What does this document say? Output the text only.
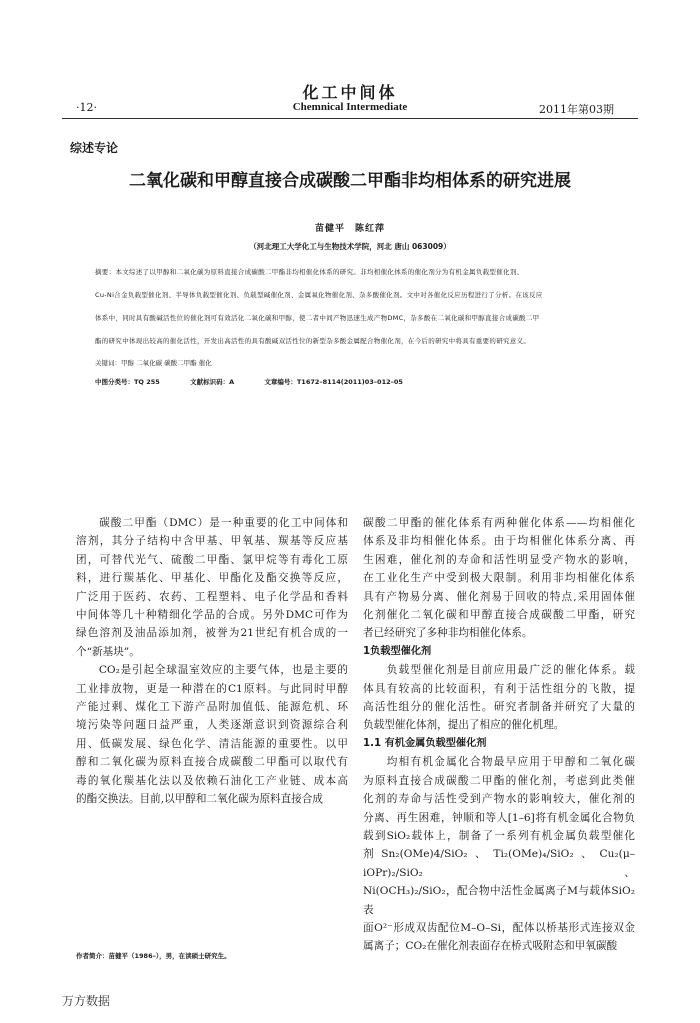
化工中间体
·12·	Chemnical Intermediate	2011年第03期
综述专论
二氧化碳和甲醇直接合成碳酸二甲酯非均相体系的研究进展
苗健平　陈红萍
（河北理工大学化工与生物技术学院，河北 唐山 063009）
摘要：本文综述了以甲醇和二氧化碳为原料直接合成碳酸二甲酯非均相催化体系的研究。非均相催化体系的催化剂分为有机金属负载型催化剂、
Cu-Ni合金负载型催化剂、半导体负载型催化剂、负载型碱催化剂、金属氧化物催化剂、杂多酸催化剂。文中对各催化反应历程进行了分析。在该反应
体系中，同时具有酸碱活性位的催化剂可有效活化二氧化碳和甲醇，使二者中间产物迅速生成产物DMC，杂多酸在二氧化碳和甲醇直接合成碳酸二甲
酯的研究中体现出较高的催化活性，开发出高活性的具有酸碱双活性位的新型杂多酸金属配合物催化剂，在今后的研究中将具有重要的研究意义。
关键词：甲醇 二氧化碳 碳酸二甲酯 催化
中图分类号：TQ 255	文献标识码：A	文章编号：T1672–8114(2011)03–012–05

　　碳酸二甲酯（DMC）是一种重要的化工中间体和

溶剂，其分子结构中含甲基、甲氧基、羰基等反应基

团，可替代光气、硫酸二甲酯、氯甲烷等有毒化工原

料，进行羰基化、甲基化、甲酯化及酯交换等反应，

广泛用于医药、农药、工程塑料、电子化学品和香料

中间体等几十种精细化学品的合成。另外DMC可作为

绿色溶剂及油品添加剂，被誉为21世纪有机合成的一

个“新基块”。

　　CO₂是引起全球温室效应的主要气体，也是主要的

工业排放物，更是一种潜在的C1原料。与此同时甲醇

产能过剩、煤化工下游产品附加值低、能源危机、环

境污染等问题日益严重，人类逐渐意识到资源综合利

用、低碳发展、绿色化学、清洁能源的重要性。以甲

醇和二氧化碳为原料直接合成碳酸二甲酯可以取代有

毒的氧化羰基化法以及依赖石油化工产业链、成本高

的酯交换法。目前,以甲醇和二氧化碳为原料直接合成

碳酸二甲酯的催化体系有两种催化体系——均相催化

体系及非均相催化体系。由于均相催化体系分离、再

生困难，催化剂的寿命和活性明显受产物水的影响，

在工业化生产中受到极大限制。利用非均相催化体系

具有产物易分离、催化剂易于回收的特点,采用固体催

化剂催化二氧化碳和甲醇直接合成碳酸二甲酯，研究

者已经研究了多种非均相催化体系。

1负载型催化剂

　　负载型催化剂是目前应用最广泛的催化体系。载

体具有较高的比较面积，有利于活性组分的飞散，提

高活性组分的催化活性。研究者制备并研究了大量的

负载型催化体剂，提出了相应的催化机理。

1.1 有机金属负载型催化剂

　　均相有机金属化合物最早应用于甲醇和二氧化碳

为原料直接合成碳酸二甲酯的催化剂，考虑到此类催

化剂的寿命与活性受到产物水的影响较大，催化剂的

分离、再生困难，钟顺和等人[1–6]将有机金属化合物负

载到SiO₂载体上，制备了一系列有机金属负载型催化

剂Sn₂(OMe)4/SiO₂、Ti₂(OMe)₄/SiO₂、Cu₂(μ–iOPr)₂/SiO₂、

Ni(OCH₃)₂/SiO₂，配合物中活性金属离子M与载体SiO₂表

面O²⁻形成双齿配位M–O–Si，配体以桥基形式连接双金

属离子；CO₂在催化剂表面存在桥式吸附态和甲氧碳酸

作者简介：苗健平（1986–），男，在读硕士研究生。
万方数据
